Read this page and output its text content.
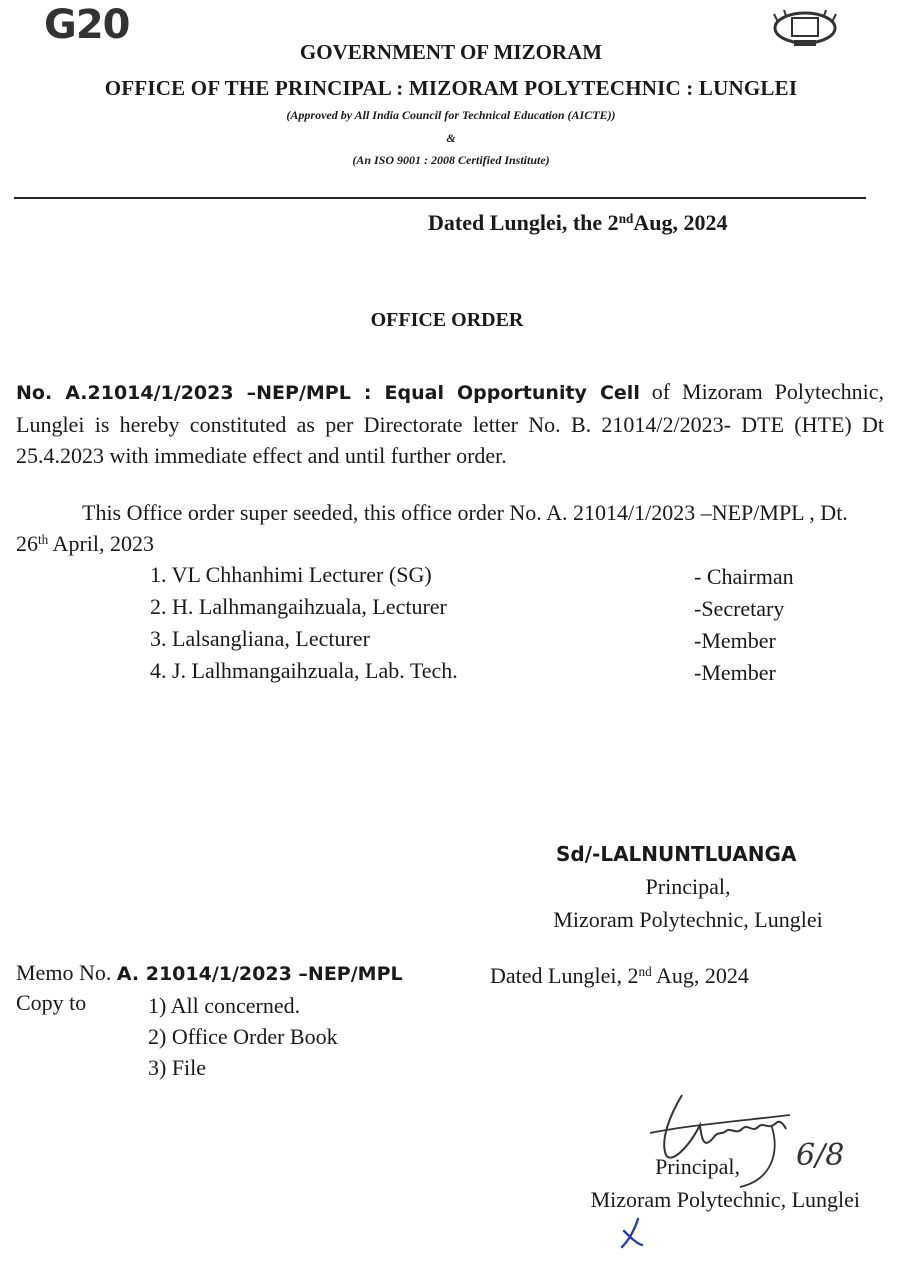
G20
GOVERNMENT OF MIZORAM
OFFICE OF THE PRINCIPAL : MIZORAM POLYTECHNIC : LUNGLEI
(Approved by All India Council for Technical Education (AICTE))
&
(An ISO 9001 : 2008 Certified Institute)
Dated Lunglei, the 2ndAug, 2024
OFFICE ORDER
No. A.21014/1/2023 –NEP/MPL : Equal Opportunity Cell of Mizoram Polytechnic, Lunglei is hereby constituted as per Directorate letter No. B. 21014/2/2023- DTE (HTE) Dt 25.4.2023 with immediate effect and until further order.
This Office order super seeded, this office order No. A. 21014/1/2023 –NEP/MPL , Dt. 26th April, 2023
1. VL Chhanhimi Lecturer (SG)	- Chairman
2. H. Lalhmangaihzuala, Lecturer	-Secretary
3. Lalsangliana, Lecturer	-Member
4. J. Lalhmangaihzuala, Lab. Tech.	-Member
Sd/-LALNUNTLUANGA
Principal,
Mizoram Polytechnic, Lunglei
Memo No. A. 21014/1/2023 –NEP/MPL	Dated Lunglei, 2nd Aug, 2024
Copy to	1) All concerned.
2) Office Order Book
3) File
6/8
Principal,
Mizoram Polytechnic, Lunglei
